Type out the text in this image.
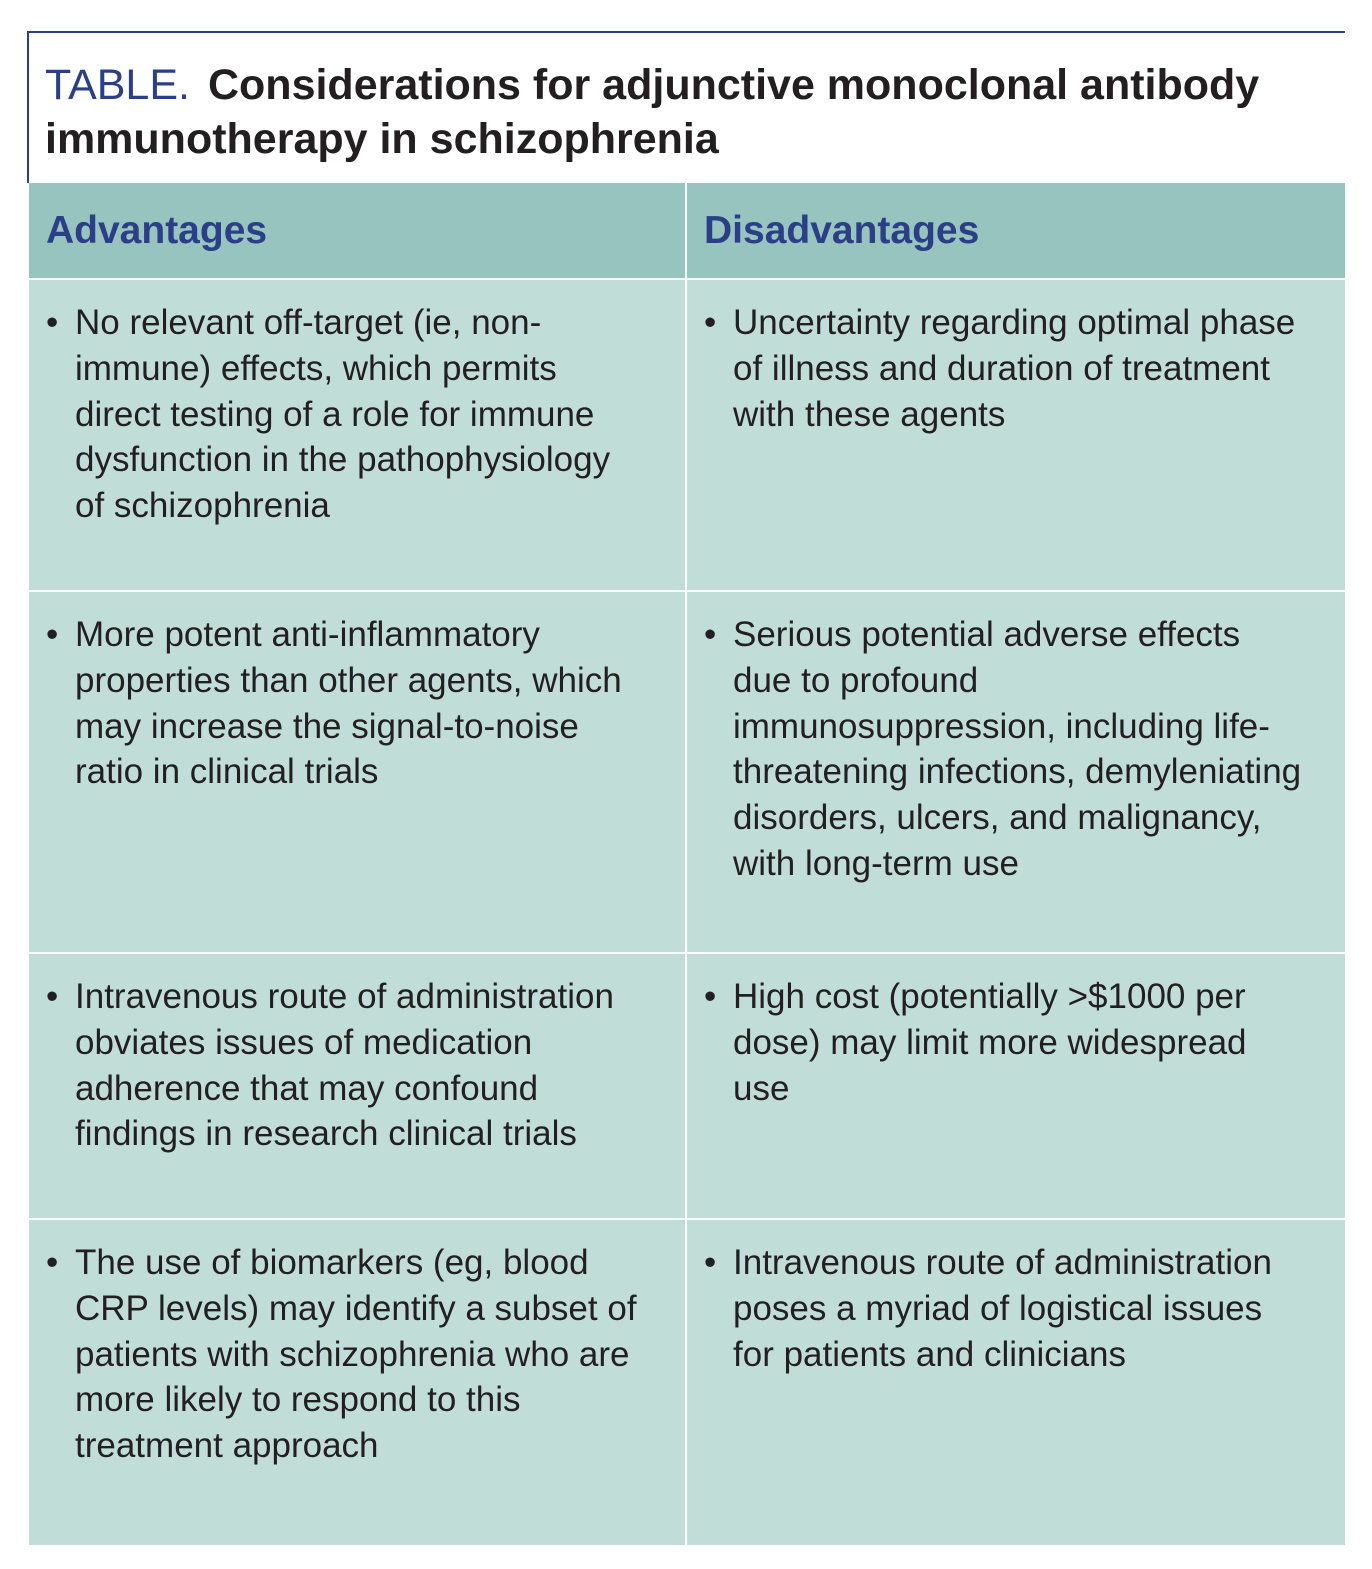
TABLE. Considerations for adjunctive monoclonal antibody immunotherapy in schizophrenia
Advantages	Disadvantages

• No relevant off-target (ie, non-immune) effects, which permits direct testing of a role for immune dysfunction in the pathophysiology of schizophrenia	• Uncertainty regarding optimal phase of illness and duration of treatment with these agents

• More potent anti-inflammatory properties than other agents, which may increase the signal-to-noise ratio in clinical trials	• Serious potential adverse effects due to profound immunosuppression, including life-threatening infections, demyleniating disorders, ulcers, and malignancy, with long-term use

• Intravenous route of administration obviates issues of medication adherence that may confound findings in research clinical trials	• High cost (potentially >$1000 per dose) may limit more widespread use

• The use of biomarkers (eg, blood CRP levels) may identify a subset of patients with schizophrenia who are more likely to respond to this treatment approach	• Intravenous route of administration poses a myriad of logistical issues for patients and clinicians
